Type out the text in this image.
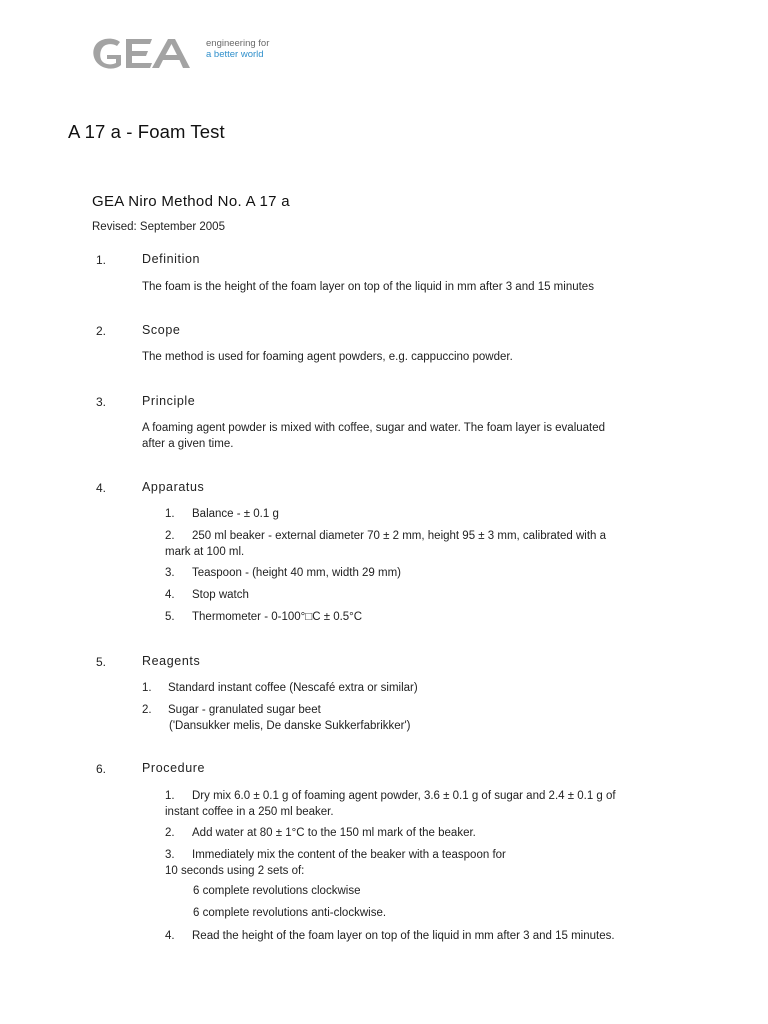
engineering for
a better world
A 17 a - Foam Test
GEA Niro Method No. A 17 a
Revised: September 2005
1.	Definition
The foam is the height of the foam layer on top of the liquid in mm after 3 and 15 minutes
2.	Scope
The method is used for foaming agent powders, e.g. cappuccino powder.
3.	Principle
A foaming agent powder is mixed with coffee, sugar and water. The foam layer is evaluated
after a given time.
4.	Apparatus
1. Balance - ± 0.1 g
2. 250 ml beaker - external diameter 70 ± 2 mm, height 95 ± 3 mm, calibrated with a
mark at 100 ml.
3. Teaspoon - (height 40 mm, width 29 mm)
4. Stop watch
5. Thermometer - 0-100°□C ± 0.5°C
5.	Reagents
1. Standard instant coffee (Nescafé extra or similar)
2. Sugar - granulated sugar beet
('Dansukker melis, De danske Sukkerfabrikker')
6.	Procedure
1. Dry mix 6.0 ± 0.1 g of foaming agent powder, 3.6 ± 0.1 g of sugar and 2.4 ± 0.1 g of
instant coffee in a 250 ml beaker.
2. Add water at 80 ± 1°C to the 150 ml mark of the beaker.
3. Immediately mix the content of the beaker with a teaspoon for
10 seconds using 2 sets of:
6 complete revolutions clockwise
6 complete revolutions anti-clockwise.
4. Read the height of the foam layer on top of the liquid in mm after 3 and 15 minutes.
